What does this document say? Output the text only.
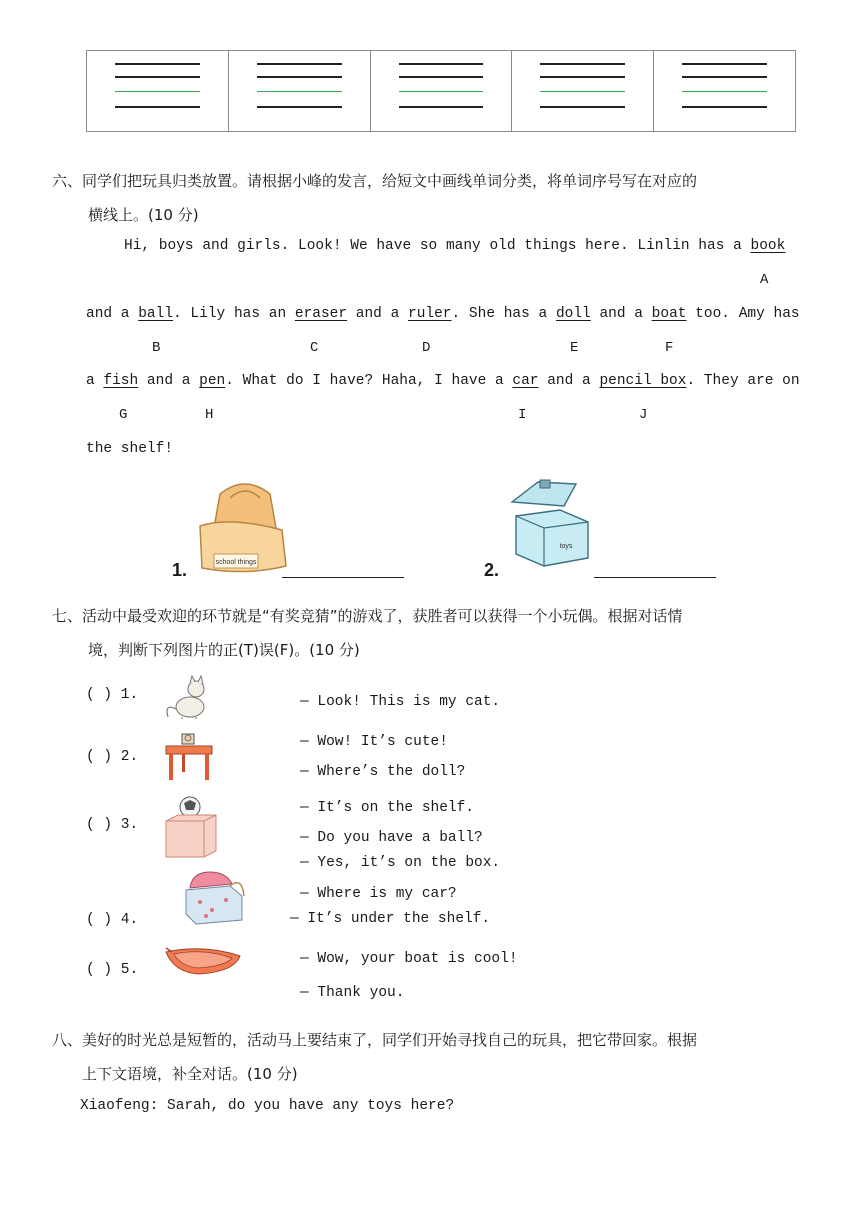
六、同学们把玩具归类放置。请根据小峰的发言，给短文中画线单词分类，将单词序号写在对应的
横线上。(10 分)
Hi, boys and girls. Look! We have so many old things here. Linlin has a book
A
and a ball. Lily has an eraser and a ruler. She has a doll and a boat too. Amy has
B	C	D	E	F
a fish and a pen. What do I have? Haha, I have a car and a pencil box. They are on
G	H	I	J
the shelf!
1.	school things	2.
toys
七、活动中最受欢迎的环节就是“有奖竞猜”的游戏了，获胜者可以获得一个小玩偶。根据对话情
境，判断下列图片的正(T)误(F)。(10 分)
( ) 1.	— Look! This is my cat.
( ) 2.
— Wow! It’s cute!
— Where’s the doll?
( ) 3.
— It’s on the shelf.
— Do you have a ball?
— Yes, it’s on the box.
( ) 4.
— Where is my car?
— It’s under the shelf.
( ) 5.
— Wow, your boat is cool!
— Thank you.
八、美好的时光总是短暂的，活动马上要结束了，同学们开始寻找自己的玩具，把它带回家。根据
上下文语境，补全对话。(10 分)
Xiaofeng: Sarah, do you have any toys here?
